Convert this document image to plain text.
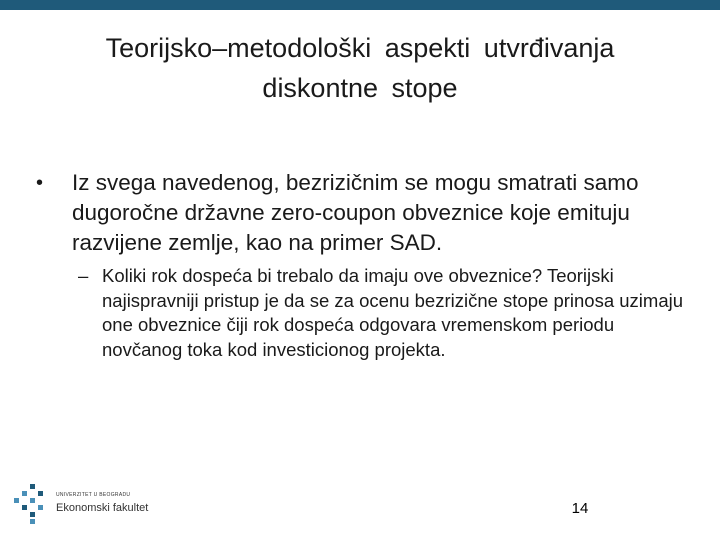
Teorijsko–metodološki aspekti utvrđivanja
diskontne stope
• Iz svega navedenog, bezrizičnim se mogu smatrati samo dugoročne državne zero-coupon obveznice koje emituju razvijene zemlje, kao na primer SAD.
– Koliki rok dospeća bi trebalo da imaju ove obveznice? Teorijski najispravniji pristup je da se za ocenu bezrizične stope prinosa uzimaju one obveznice čiji rok dospeća odgovara vremenskom periodu novčanog toka kod investicionog projekta.
UNIVERZITET U BEOGRADU
Ekonomski fakultet	14
